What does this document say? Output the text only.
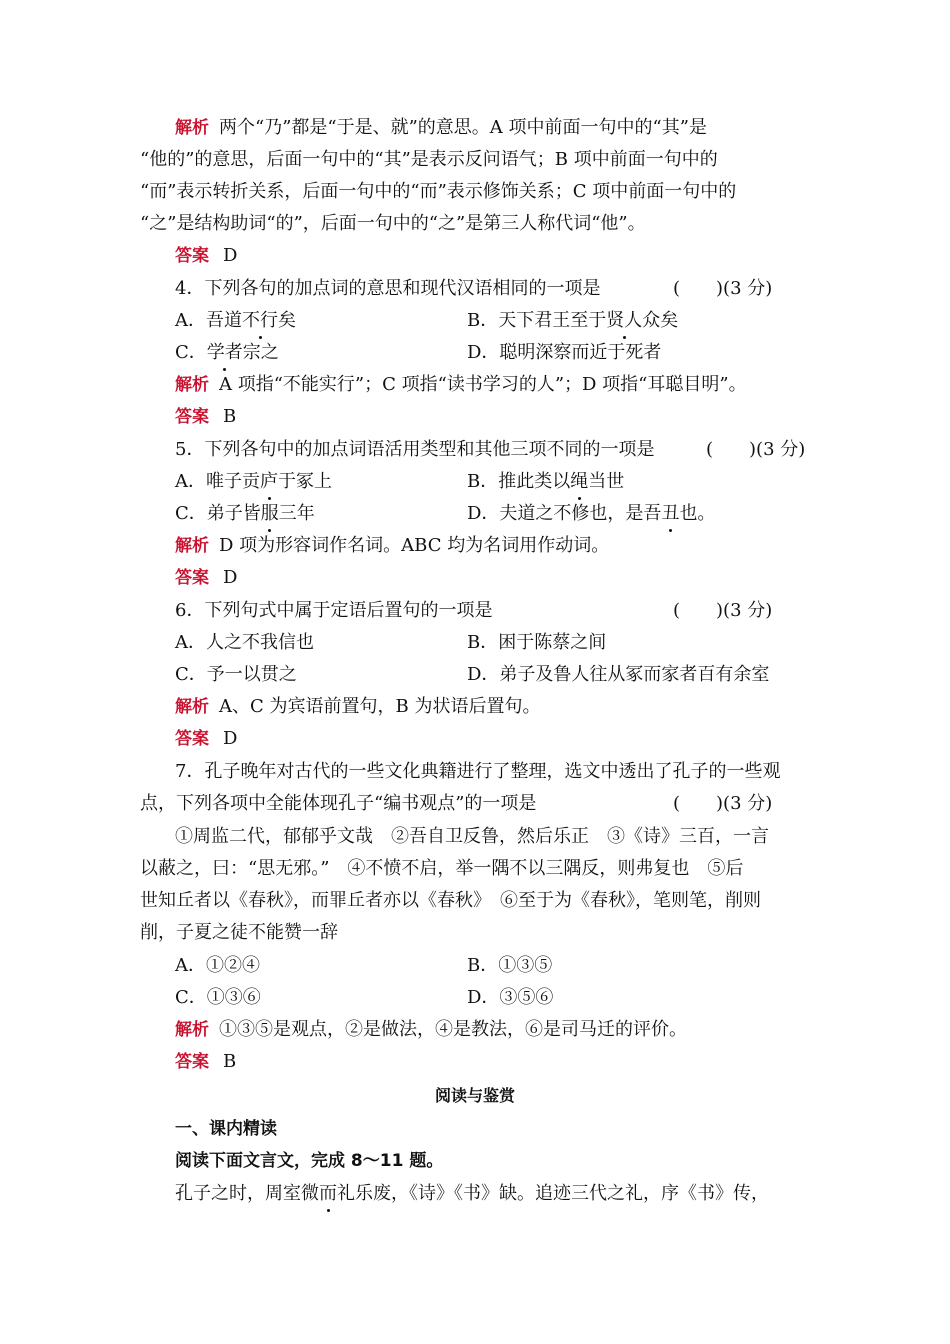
解析 两个“乃”都是“于是、就”的意思。A 项中前面一句中的“其”是
“他的”的意思，后面一句中的“其”是表示反问语气；B 项中前面一句中的
“而”表示转折关系，后面一句中的“而”表示修饰关系；C 项中前面一句中的
“之”是结构助词“的”，后面一句中的“之”是第三人称代词“他”。
答案 D
4．下列各句的加点词的意思和现代汉语相同的一项是	(　　)(3 分)
A．吾道不行矣	B．天下君王至于贤人众矣
C．学者宗之	D．聪明深察而近于死者
解析 A 项指“不能实行”；C 项指“读书学习的人”；D 项指“耳聪目明”。
答案 B
5．下列各句中的加点词语活用类型和其他三项不同的一项是	(　　)(3 分)
A．唯子贡庐于冢上	B．推此类以绳当世
C．弟子皆服三年	D．夫道之不修也，是吾丑也。
解析 D 项为形容词作名词。ABC 均为名词用作动词。
答案 D
6．下列句式中属于定语后置句的一项是	(　　)(3 分)
A．人之不我信也	B．困于陈蔡之间
C．予一以贯之	D．弟子及鲁人往从冢而家者百有余室
解析 A、C 为宾语前置句，B 为状语后置句。
答案 D
7．孔子晚年对古代的一些文化典籍进行了整理，选文中透出了孔子的一些观
点，下列各项中全能体现孔子“编书观点”的一项是	(　　)(3 分)
①周监二代，郁郁乎文哉　②吾自卫反鲁，然后乐正　③《诗》三百，一言
以蔽之，曰：“思无邪。”　④不愤不启，举一隅不以三隅反，则弗复也　⑤后
世知丘者以《春秋》，而罪丘者亦以《春秋》　⑥至于为《春秋》，笔则笔，削则
削，子夏之徒不能赞一辞
A．①②④	B．①③⑤
C．①③⑥	D．③⑤⑥
解析 ①③⑤是观点，②是做法，④是教法，⑥是司马迁的评价。
答案 B
阅读与鉴赏
一、课内精读
阅读下面文言文，完成 8～11 题。
孔子之时，周室微而礼乐废，《诗》《书》缺。追迹三代之礼，序《书》传，
